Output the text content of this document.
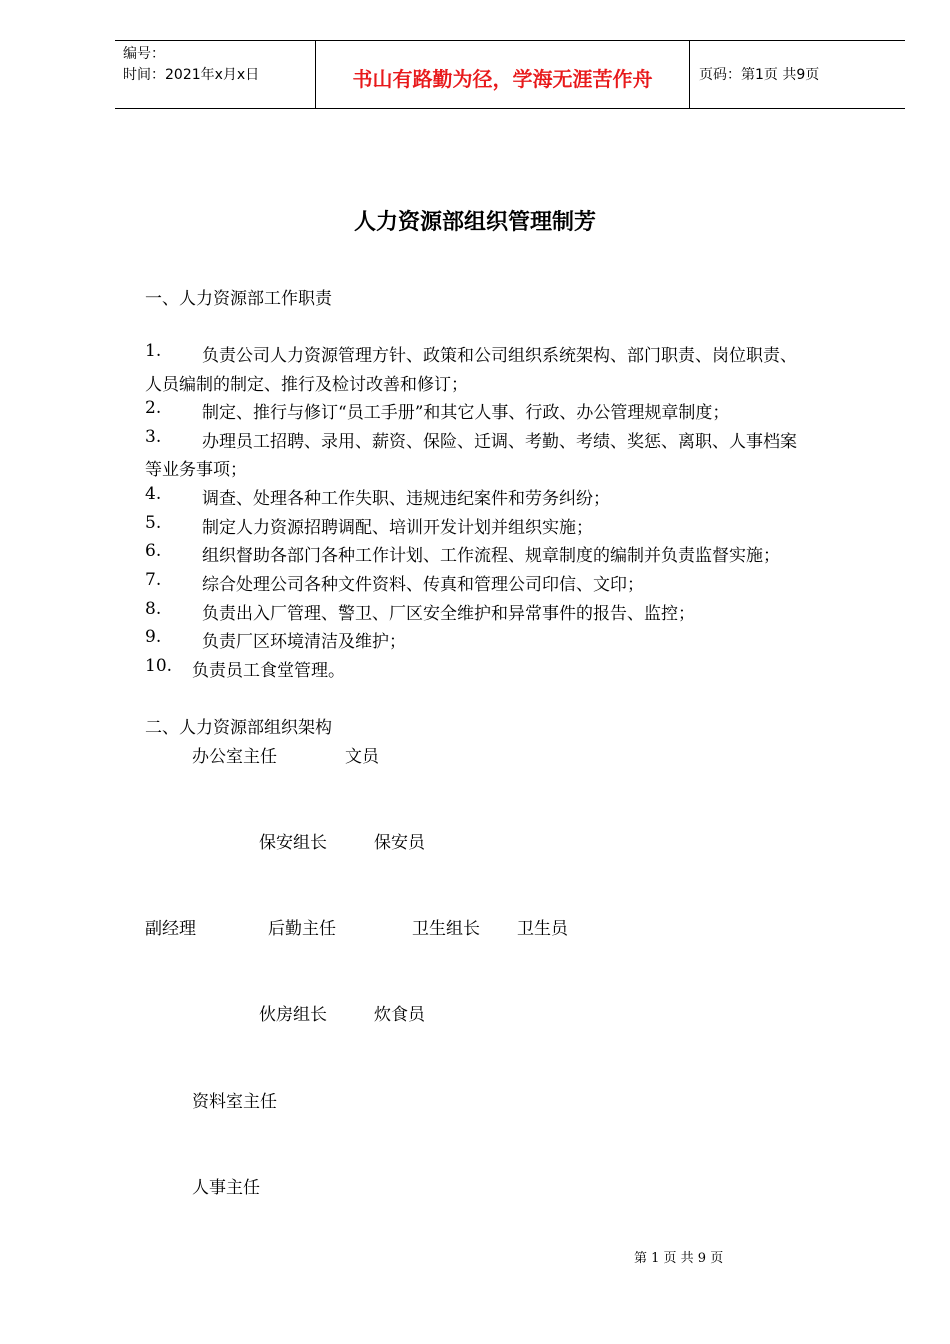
编号：
时间：2021年x月x日	书山有路勤为径，学海无涯苦作舟	页码：第1页 共9页
人力资源部组织管理制芳
一、人力资源部工作职责
1. 负责公司人力资源管理方针、政策和公司组织系统架构、部门职责、岗位职责、
人员编制的制定、推行及检讨改善和修订；
2. 制定、推行与修订“员工手册”和其它人事、行政、办公管理规章制度；
3. 办理员工招聘、录用、薪资、保险、迁调、考勤、考绩、奖惩、离职、人事档案
等业务事项；
4. 调查、处理各种工作失职、违规违纪案件和劳务纠纷；
5. 制定人力资源招聘调配、培训开发计划并组织实施；
6. 组织督助各部门各种工作计划、工作流程、规章制度的编制并负责监督实施；
7. 综合处理公司各种文件资料、传真和管理公司印信、文印；
8. 负责出入厂管理、警卫、厂区安全维护和异常事件的报告、监控；
9. 负责厂区环境清洁及维护；
10. 负责员工食堂管理。
二、人力资源部组织架构
办公室主任	文员
保安组长	保安员
副经理	后勤主任	卫生组长 卫生员
伙房组长	炊食员
资料室主任
人事主任
第 1 页 共 9 页
